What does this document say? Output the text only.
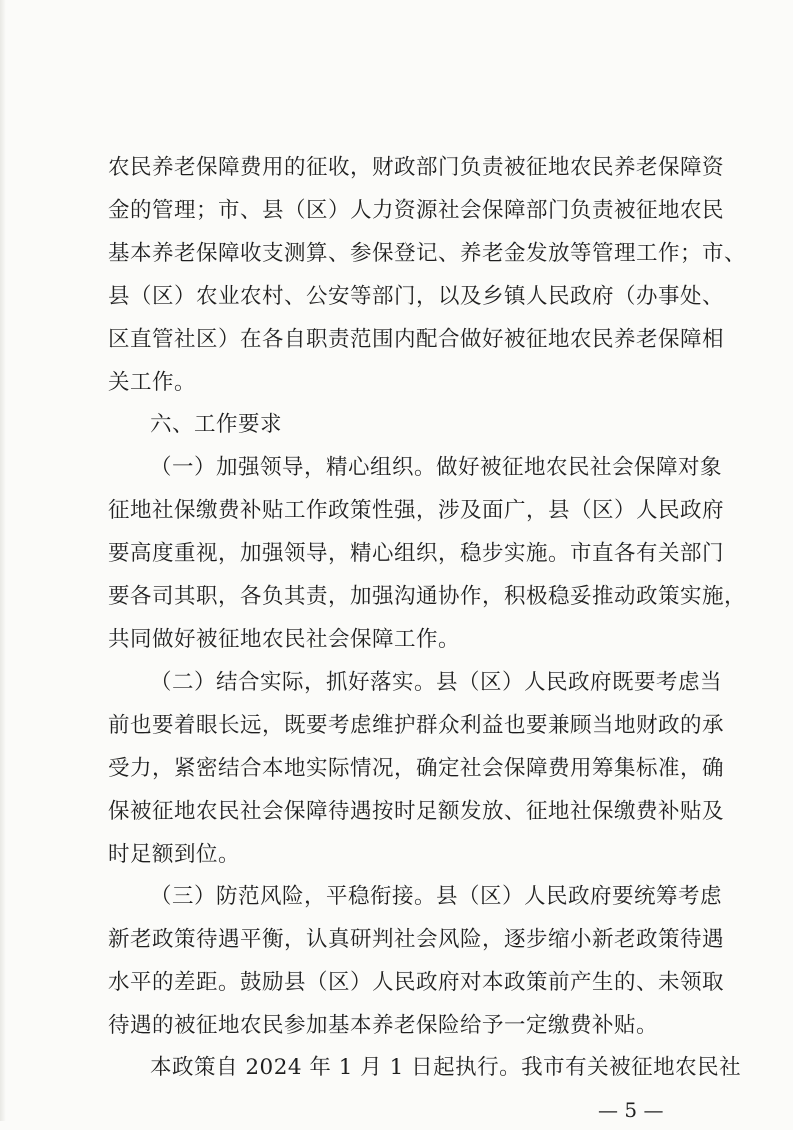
农民养老保障费用的征收，财政部门负责被征地农民养老保障资
金的管理；市、县（区）人力资源社会保障部门负责被征地农民
基本养老保障收支测算、参保登记、养老金发放等管理工作；市、
县（区）农业农村、公安等部门，以及乡镇人民政府（办事处、
区直管社区）在各自职责范围内配合做好被征地农民养老保障相
关工作。
六、工作要求
（一）加强领导，精心组织。做好被征地农民社会保障对象
征地社保缴费补贴工作政策性强，涉及面广，县（区）人民政府
要高度重视，加强领导，精心组织，稳步实施。市直各有关部门
要各司其职，各负其责，加强沟通协作，积极稳妥推动政策实施，
共同做好被征地农民社会保障工作。
（二）结合实际，抓好落实。县（区）人民政府既要考虑当
前也要着眼长远，既要考虑维护群众利益也要兼顾当地财政的承
受力，紧密结合本地实际情况，确定社会保障费用筹集标准，确
保被征地农民社会保障待遇按时足额发放、征地社保缴费补贴及
时足额到位。
（三）防范风险，平稳衔接。县（区）人民政府要统筹考虑
新老政策待遇平衡，认真研判社会风险，逐步缩小新老政策待遇
水平的差距。鼓励县（区）人民政府对本政策前产生的、未领取
待遇的被征地农民参加基本养老保险给予一定缴费补贴。
本政策自 2024 年 1 月 1 日起执行。我市有关被征地农民社
— 5 —
